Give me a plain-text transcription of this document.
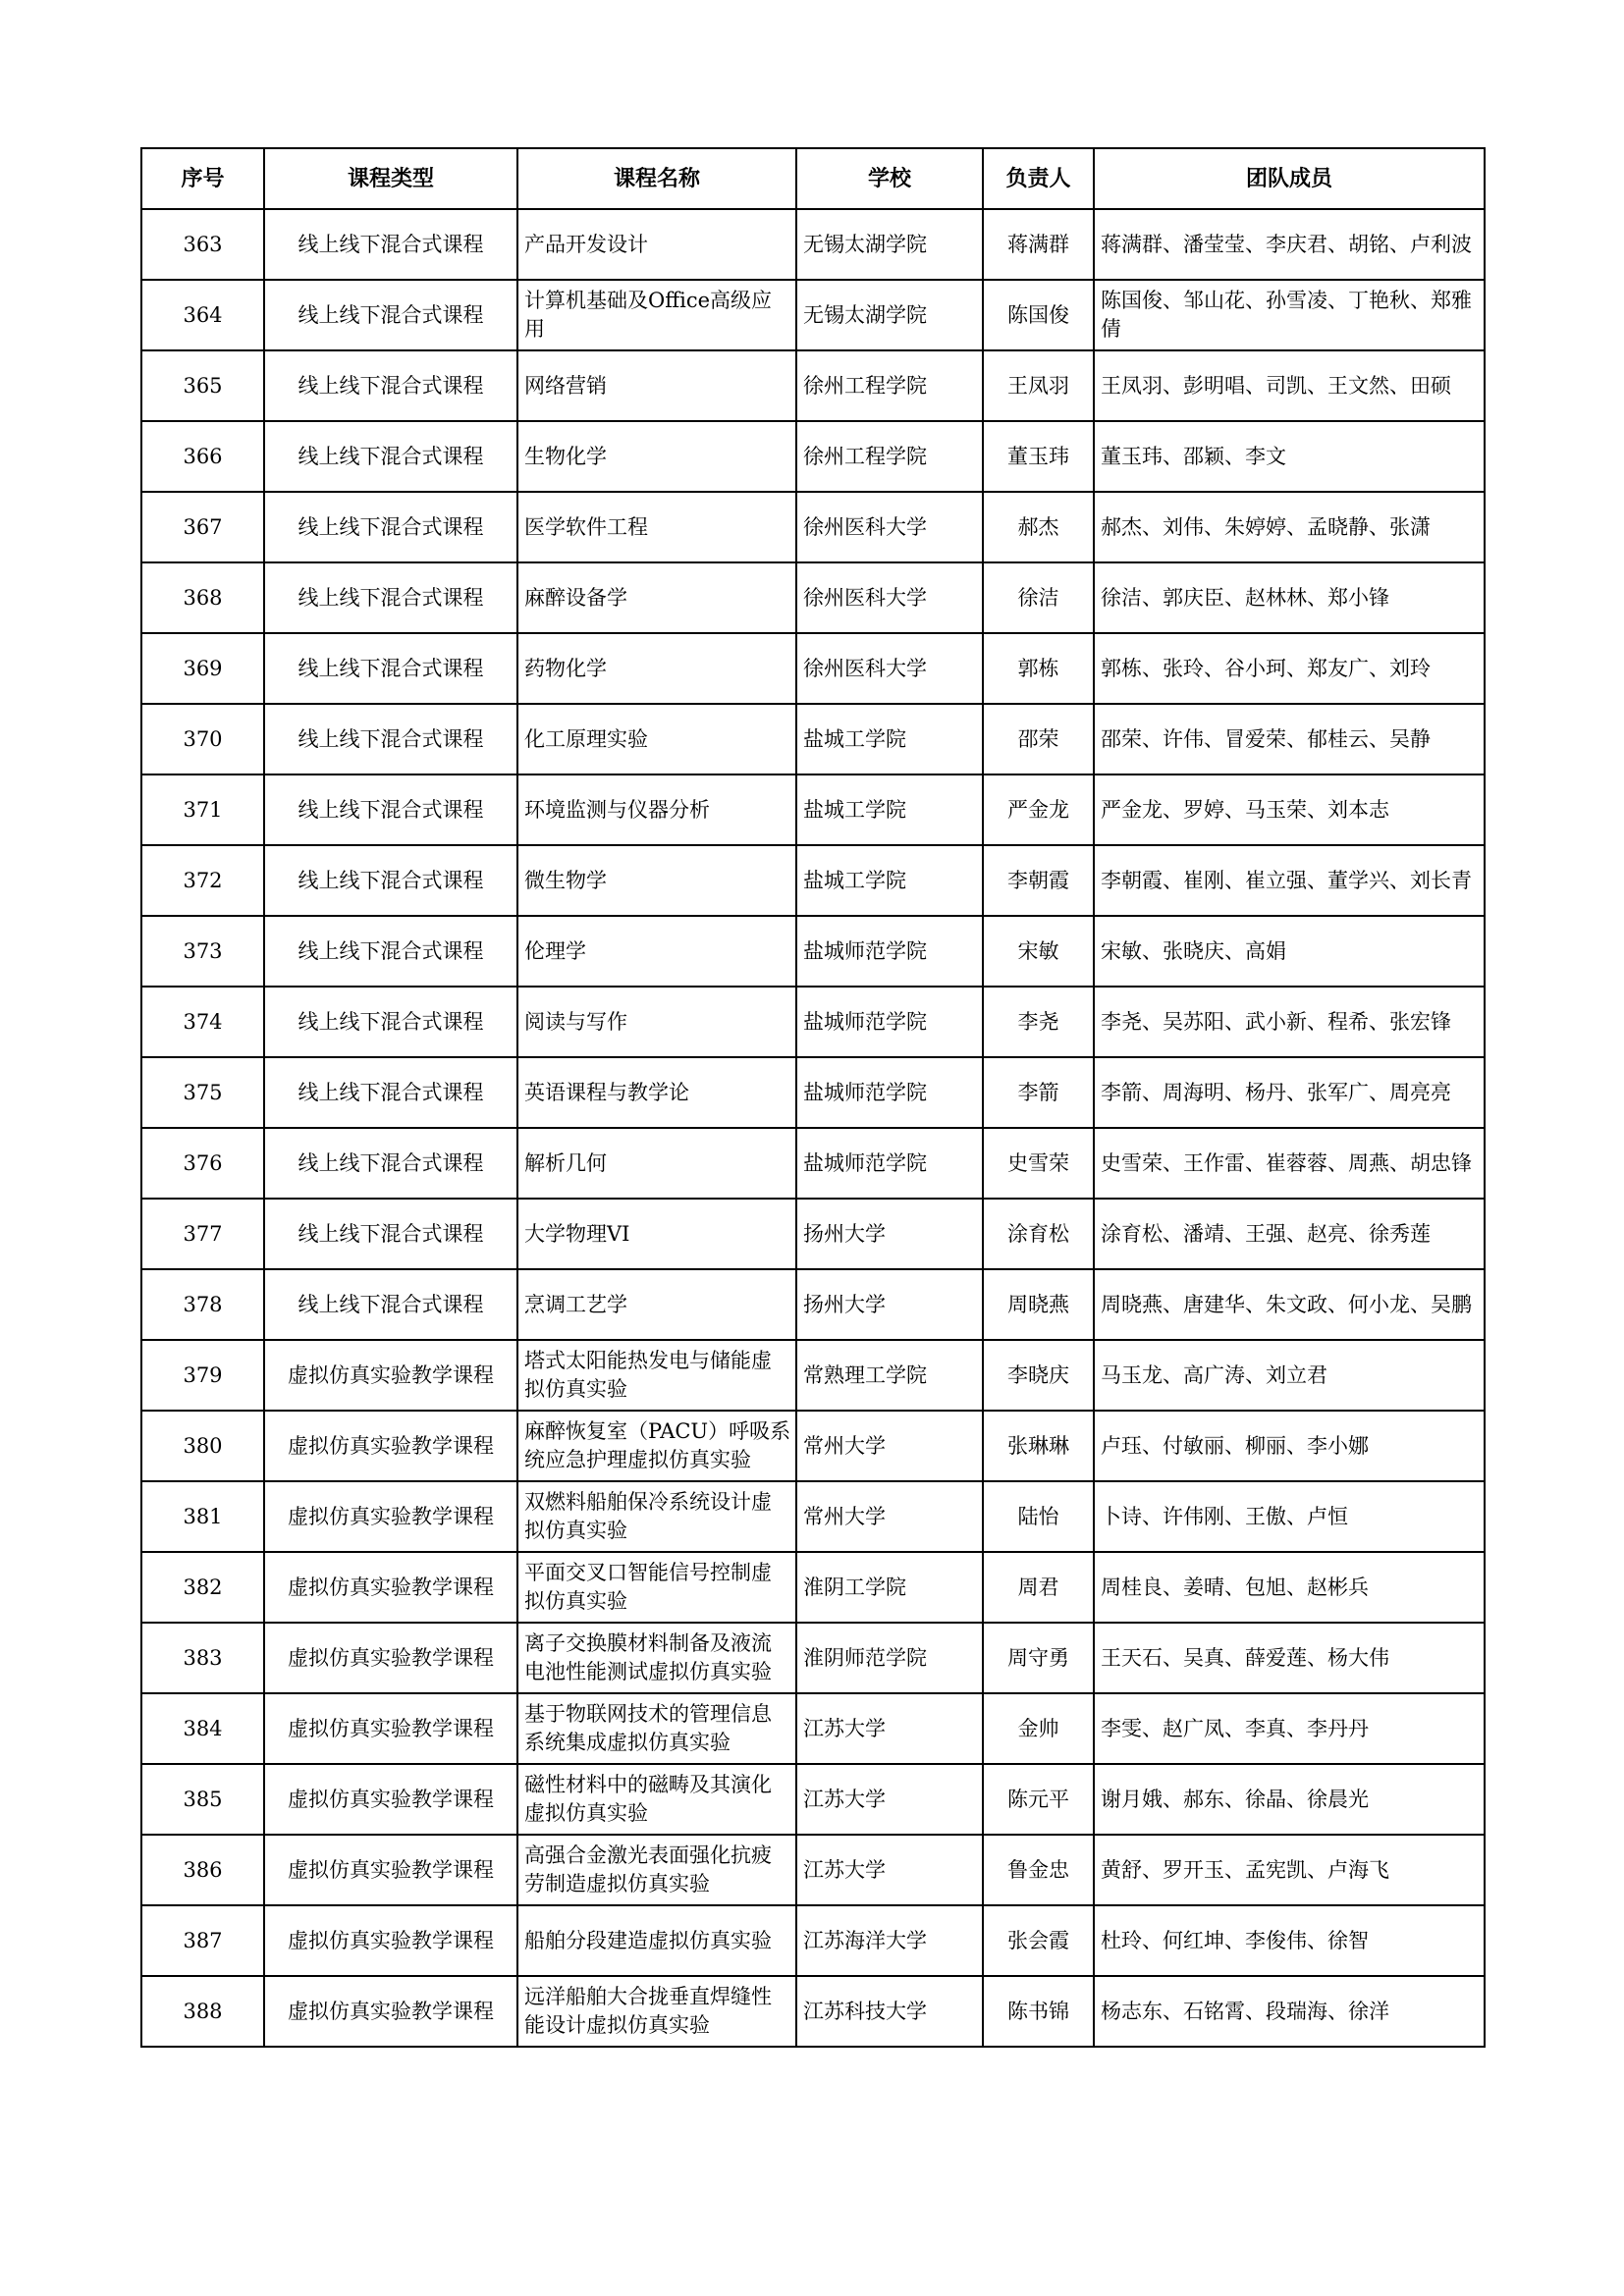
序号	课程类型	课程名称	学校	负责人	团队成员

363	线上线下混合式课程	产品开发设计	无锡太湖学院	蒋满群	蒋满群、潘莹莹、李庆君、胡铭、卢利波

364	线上线下混合式课程	计算机基础及Office高级应用	无锡太湖学院	陈国俊	陈国俊、邹山花、孙雪凌、丁艳秋、郑雅倩

365	线上线下混合式课程	网络营销	徐州工程学院	王凤羽	王凤羽、彭明唱、司凯、王文然、田硕

366	线上线下混合式课程	生物化学	徐州工程学院	董玉玮	董玉玮、邵颖、李文

367	线上线下混合式课程	医学软件工程	徐州医科大学	郝杰	郝杰、刘伟、朱婷婷、孟晓静、张潇

368	线上线下混合式课程	麻醉设备学	徐州医科大学	徐洁	徐洁、郭庆臣、赵林林、郑小锋

369	线上线下混合式课程	药物化学	徐州医科大学	郭栋	郭栋、张玲、谷小珂、郑友广、刘玲

370	线上线下混合式课程	化工原理实验	盐城工学院	邵荣	邵荣、许伟、冒爱荣、郁桂云、吴静

371	线上线下混合式课程	环境监测与仪器分析	盐城工学院	严金龙	严金龙、罗婷、马玉荣、刘本志

372	线上线下混合式课程	微生物学	盐城工学院	李朝霞	李朝霞、崔刚、崔立强、董学兴、刘长青

373	线上线下混合式课程	伦理学	盐城师范学院	宋敏	宋敏、张晓庆、高娟

374	线上线下混合式课程	阅读与写作	盐城师范学院	李尧	李尧、吴苏阳、武小新、程希、张宏锋

375	线上线下混合式课程	英语课程与教学论	盐城师范学院	李箭	李箭、周海明、杨丹、张军广、周亮亮

376	线上线下混合式课程	解析几何	盐城师范学院	史雪荣	史雪荣、王作雷、崔蓉蓉、周燕、胡忠锋

377	线上线下混合式课程	大学物理VI	扬州大学	涂育松	涂育松、潘靖、王强、赵亮、徐秀莲

378	线上线下混合式课程	烹调工艺学	扬州大学	周晓燕	周晓燕、唐建华、朱文政、何小龙、吴鹏

379	虚拟仿真实验教学课程	塔式太阳能热发电与储能虚拟仿真实验	常熟理工学院	李晓庆	马玉龙、高广涛、刘立君

380	虚拟仿真实验教学课程	麻醉恢复室（PACU）呼吸系统应急护理虚拟仿真实验	常州大学	张琳琳	卢珏、付敏丽、柳丽、李小娜

381	虚拟仿真实验教学课程	双燃料船舶保冷系统设计虚拟仿真实验	常州大学	陆怡	卜诗、许伟刚、王傲、卢恒

382	虚拟仿真实验教学课程	平面交叉口智能信号控制虚拟仿真实验	淮阴工学院	周君	周桂良、姜晴、包旭、赵彬兵

383	虚拟仿真实验教学课程	离子交换膜材料制备及液流电池性能测试虚拟仿真实验	淮阴师范学院	周守勇	王天石、吴真、薛爱莲、杨大伟

384	虚拟仿真实验教学课程	基于物联网技术的管理信息系统集成虚拟仿真实验	江苏大学	金帅	李雯、赵广凤、李真、李丹丹

385	虚拟仿真实验教学课程	磁性材料中的磁畴及其演化虚拟仿真实验	江苏大学	陈元平	谢月娥、郝东、徐晶、徐晨光

386	虚拟仿真实验教学课程	高强合金激光表面强化抗疲劳制造虚拟仿真实验	江苏大学	鲁金忠	黄舒、罗开玉、孟宪凯、卢海飞

387	虚拟仿真实验教学课程	船舶分段建造虚拟仿真实验	江苏海洋大学	张会霞	杜玲、何红坤、李俊伟、徐智

388	虚拟仿真实验教学课程	远洋船舶大合拢垂直焊缝性能设计虚拟仿真实验	江苏科技大学	陈书锦	杨志东、石铭霄、段瑞海、徐洋
